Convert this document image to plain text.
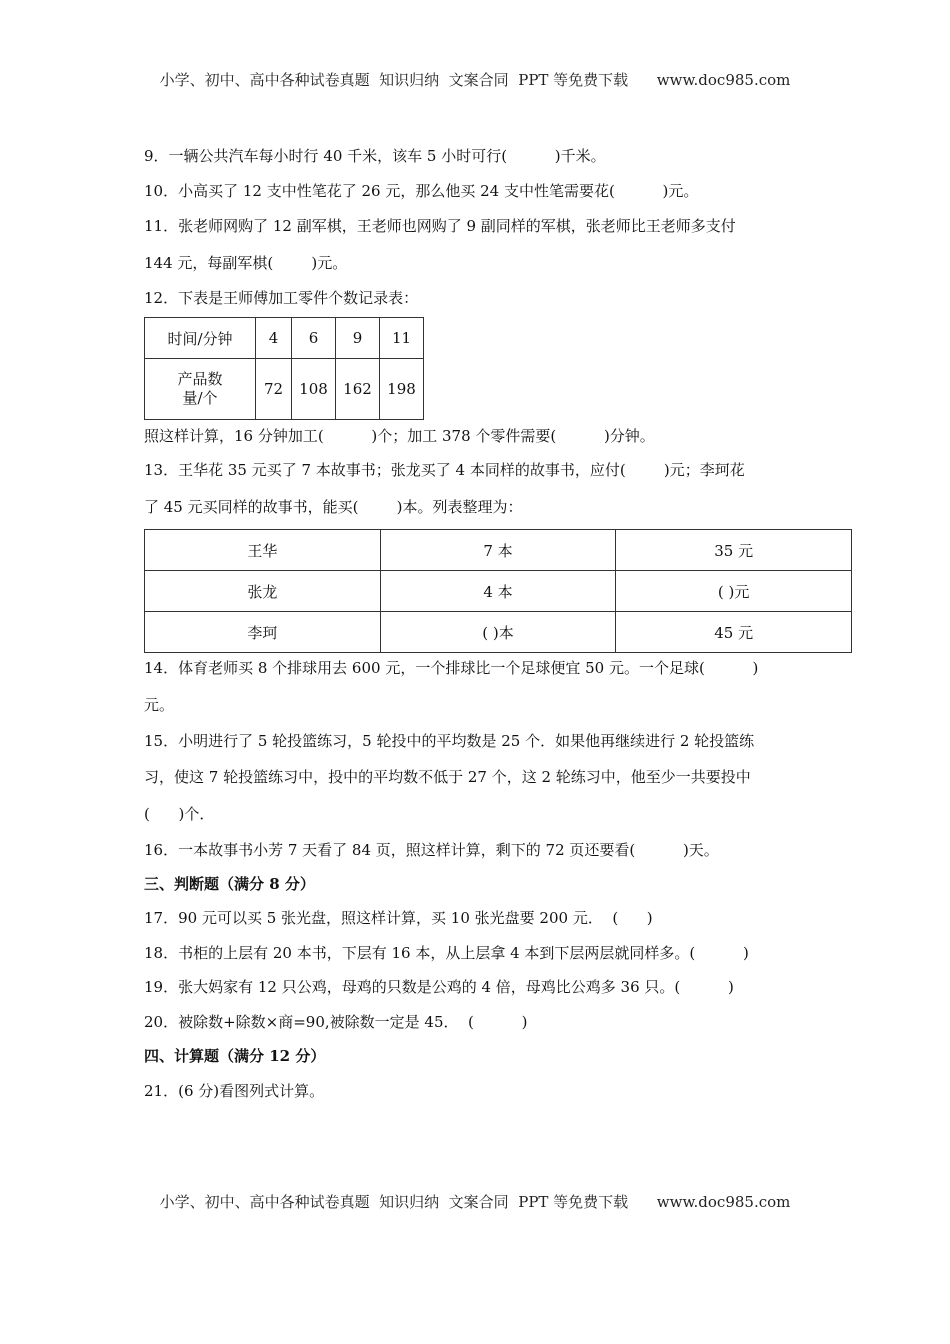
小学、初中、高中各种试卷真题  知识归纳  文案合同  PPT 等免费下载      www.doc985.com
9．一辆公共汽车每小时行 40 千米，该车 5 小时可行(          )千米。
10．小高买了 12 支中性笔花了 26 元，那么他买 24 支中性笔需要花(          )元。
11．张老师网购了 12 副军棋，王老师也网购了 9 副同样的军棋，张老师比王老师多支付
144 元，每副军棋(        )元。
12．下表是王师傅加工零件个数记录表：
时间/分钟	4	6	9	11

产品数
量/个	72	108	162	198
照这样计算，16 分钟加工(          )个；加工 378 个零件需要(          )分钟。
13．王华花 35 元买了 7 本故事书；张龙买了 4 本同样的故事书，应付(        )元；李珂花
了 45 元买同样的故事书，能买(        )本。列表整理为：
王华	7 本	35 元
张龙	4 本	( )元
李珂	( )本	45 元
14．体育老师买 8 个排球用去 600 元，一个排球比一个足球便宜 50 元。一个足球(          )
元。
15．小明进行了 5 轮投篮练习，5 轮投中的平均数是 25 个．如果他再继续进行 2 轮投篮练
习，使这 7 轮投篮练习中，投中的平均数不低于 27 个，这 2 轮练习中，他至少一共要投中
(      )个．
16．一本故事书小芳 7 天看了 84 页，照这样计算，剩下的 72 页还要看(          )天。
三、判断题（满分 8 分）
17．90 元可以买 5 张光盘，照这样计算，买 10 张光盘要 200 元．  (      )
18．书柜的上层有 20 本书，下层有 16 本，从上层拿 4 本到下层两层就同样多。(          )
19．张大妈家有 12 只公鸡，母鸡的只数是公鸡的 4 倍，母鸡比公鸡多 36 只。(          )
20．被除数+除数×商=90,被除数一定是 45．  (          )
四、计算题（满分 12 分）
21．(6 分)看图列式计算。
小学、初中、高中各种试卷真题  知识归纳  文案合同  PPT 等免费下载      www.doc985.com
